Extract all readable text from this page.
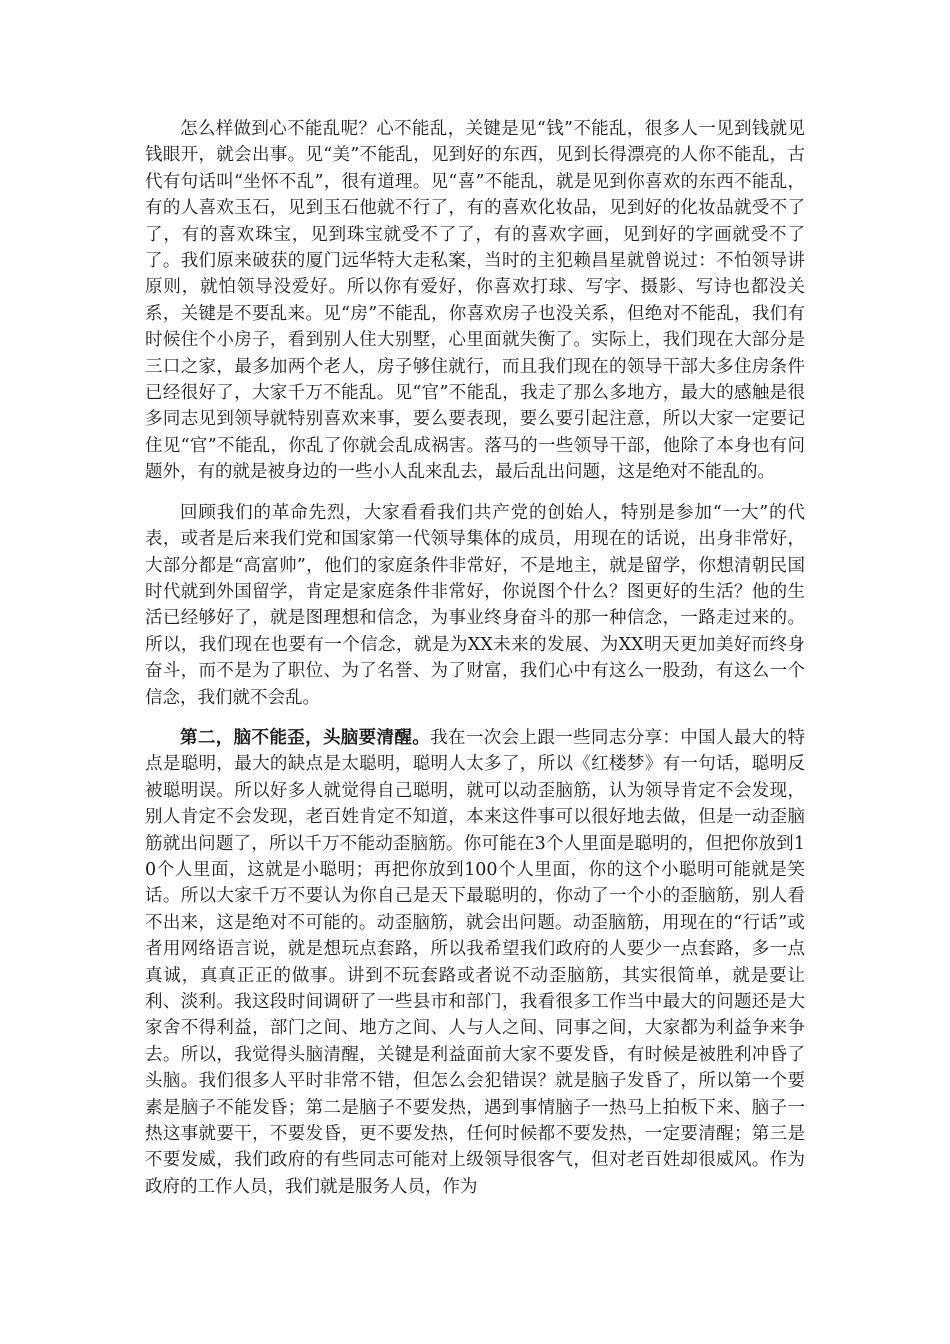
怎么样做到心不能乱呢？心不能乱，关键是见“钱”不能乱，很多人一见到钱就见钱眼开，就会出事。见“美”不能乱，见到好的东西，见到长得漂亮的人你不能乱，古代有句话叫“坐怀不乱”，很有道理。见“喜”不能乱，就是见到你喜欢的东西不能乱，有的人喜欢玉石，见到玉石他就不行了，有的喜欢化妆品，见到好的化妆品就受不了了，有的喜欢珠宝，见到珠宝就受不了了，有的喜欢字画，见到好的字画就受不了了。我们原来破获的厦门远华特大走私案，当时的主犯赖昌星就曾说过：不怕领导讲原则，就怕领导没爱好。所以你有爱好，你喜欢打球、写字、摄影、写诗也都没关系，关键是不要乱来。见“房”不能乱，你喜欢房子也没关系，但绝对不能乱，我们有时候住个小房子，看到别人住大别墅，心里面就失衡了。实际上，我们现在大部分是三口之家，最多加两个老人，房子够住就行，而且我们现在的领导干部大多住房条件已经很好了，大家千万不能乱。见“官”不能乱，我走了那么多地方，最大的感触是很多同志见到领导就特别喜欢来事，要么要表现，要么要引起注意，所以大家一定要记住见“官”不能乱，你乱了你就会乱成祸害。落马的一些领导干部，他除了本身也有问题外，有的就是被身边的一些小人乱来乱去，最后乱出问题，这是绝对不能乱的。

回顾我们的革命先烈，大家看看我们共产党的创始人，特别是参加“一大”的代表，或者是后来我们党和国家第一代领导集体的成员，用现在的话说，出身非常好，大部分都是“高富帅”，他们的家庭条件非常好，不是地主，就是留学，你想清朝民国时代就到外国留学，肯定是家庭条件非常好，你说图个什么？图更好的生活？他的生活已经够好了，就是图理想和信念，为事业终身奋斗的那一种信念，一路走过来的。所以，我们现在也要有一个信念，就是为XX未来的发展、为XX明天更加美好而终身奋斗，而不是为了职位、为了名誉、为了财富，我们心中有这么一股劲，有这么一个信念，我们就不会乱。

第二，脑不能歪，头脑要清醒。我在一次会上跟一些同志分享：中国人最大的特点是聪明，最大的缺点是太聪明，聪明人太多了，所以《红楼梦》有一句话，聪明反被聪明误。所以好多人就觉得自己聪明，就可以动歪脑筋，认为领导肯定不会发现，别人肯定不会发现，老百姓肯定不知道，本来这件事可以很好地去做，但是一动歪脑筋就出问题了，所以千万不能动歪脑筋。你可能在3个人里面是聪明的，但把你放到10个人里面，这就是小聪明；再把你放到100个人里面，你的这个小聪明可能就是笑话。所以大家千万不要认为你自己是天下最聪明的，你动了一个小的歪脑筋，别人看不出来，这是绝对不可能的。动歪脑筋，就会出问题。动歪脑筋，用现在的“行话”或者用网络语言说，就是想玩点套路，所以我希望我们政府的人要少一点套路，多一点真诚，真真正正的做事。讲到不玩套路或者说不动歪脑筋，其实很简单，就是要让利、淡利。我这段时间调研了一些县市和部门，我看很多工作当中最大的问题还是大家舍不得利益，部门之间、地方之间、人与人之间、同事之间，大家都为利益争来争去。所以，我觉得头脑清醒，关键是利益面前大家不要发昏，有时候是被胜利冲昏了头脑。我们很多人平时非常不错，但怎么会犯错误？就是脑子发昏了，所以第一个要素是脑子不能发昏；第二是脑子不要发热，遇到事情脑子一热马上拍板下来、脑子一热这事就要干，不要发昏，更不要发热，任何时候都不要发热，一定要清醒；第三是不要发威，我们政府的有些同志可能对上级领导很客气，但对老百姓却很威风。作为政府的工作人员，我们就是服务人员，作为
